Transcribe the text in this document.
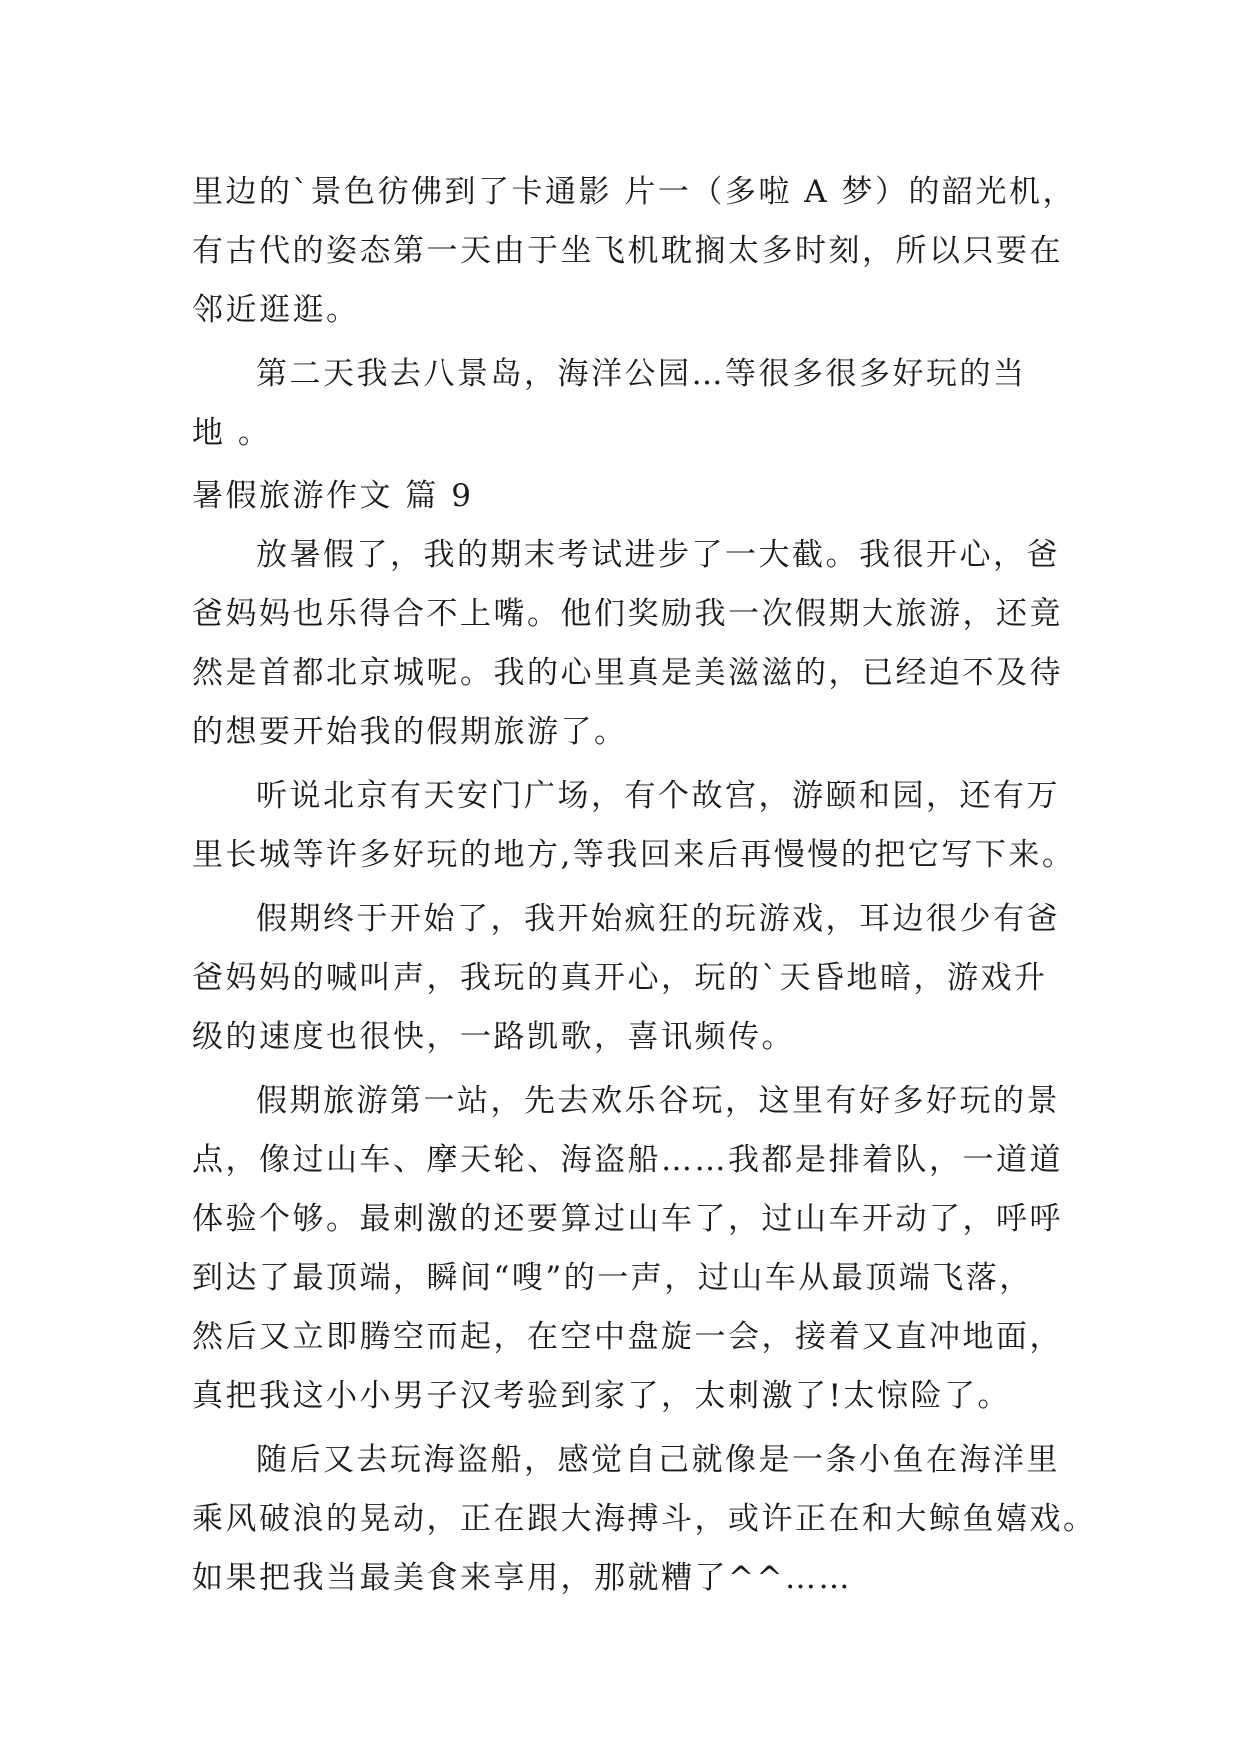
里边的`景色彷佛到了卡通影 片一（多啦 A 梦）的韶光机，
有古代的姿态第一天由于坐飞机耽搁太多时刻，所以只要在
邻近逛逛。
第二天我去八景岛，海洋公园…等很多很多好玩的当
地 。
暑假旅游作文 篇 9
放暑假了，我的期末考试进步了一大截。我很开心，爸
爸妈妈也乐得合不上嘴。他们奖励我一次假期大旅游，还竟
然是首都北京城呢。我的心里真是美滋滋的，已经迫不及待
的想要开始我的假期旅游了。
听说北京有天安门广场，有个故宫，游颐和园，还有万
里长城等许多好玩的地方,等我回来后再慢慢的把它写下来。
假期终于开始了，我开始疯狂的玩游戏，耳边很少有爸
爸妈妈的喊叫声，我玩的真开心，玩的`天昏地暗，游戏升
级的速度也很快，一路凯歌，喜讯频传。
假期旅游第一站，先去欢乐谷玩，这里有好多好玩的景
点，像过山车、摩天轮、海盗船……我都是排着队，一道道
体验个够。最刺激的还要算过山车了，过山车开动了，呼呼
到达了最顶端，瞬间“嗖”的一声，过山车从最顶端飞落，
然后又立即腾空而起，在空中盘旋一会，接着又直冲地面，
真把我这小小男子汉考验到家了，太刺激了!太惊险了。
随后又去玩海盗船，感觉自己就像是一条小鱼在海洋里
乘风破浪的晃动，正在跟大海搏斗，或许正在和大鲸鱼嬉戏。
如果把我当最美食来享用，那就糟了^^……
